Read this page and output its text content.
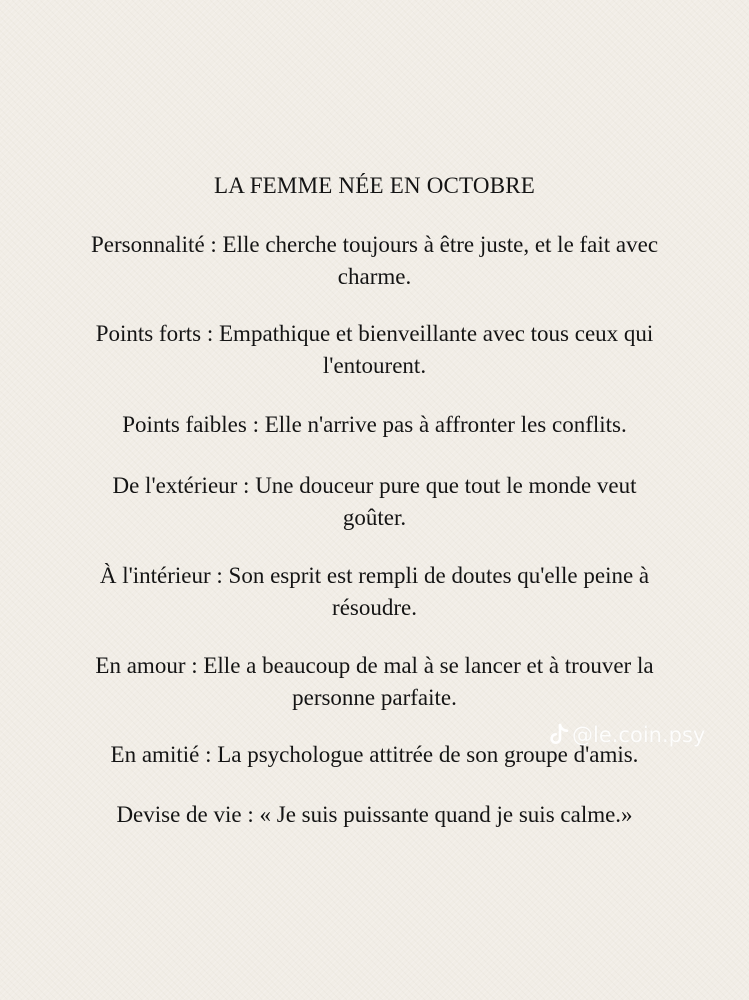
LA FEMME NÉE EN OCTOBRE
Personnalité : Elle cherche toujours à être juste, et le fait avec
charme.
Points forts : Empathique et bienveillante avec tous ceux qui
l'entourent.
Points faibles : Elle n'arrive pas à affronter les conflits.
De l'extérieur : Une douceur pure que tout le monde veut
goûter.
À l'intérieur : Son esprit est rempli de doutes qu'elle peine à
résoudre.
En amour : Elle a beaucoup de mal à se lancer et à trouver la
personne parfaite.
En amitié : La psychologue attitrée de son groupe d'amis.
Devise de vie : « Je suis puissante quand je suis calme.»
@le.coin.psy
